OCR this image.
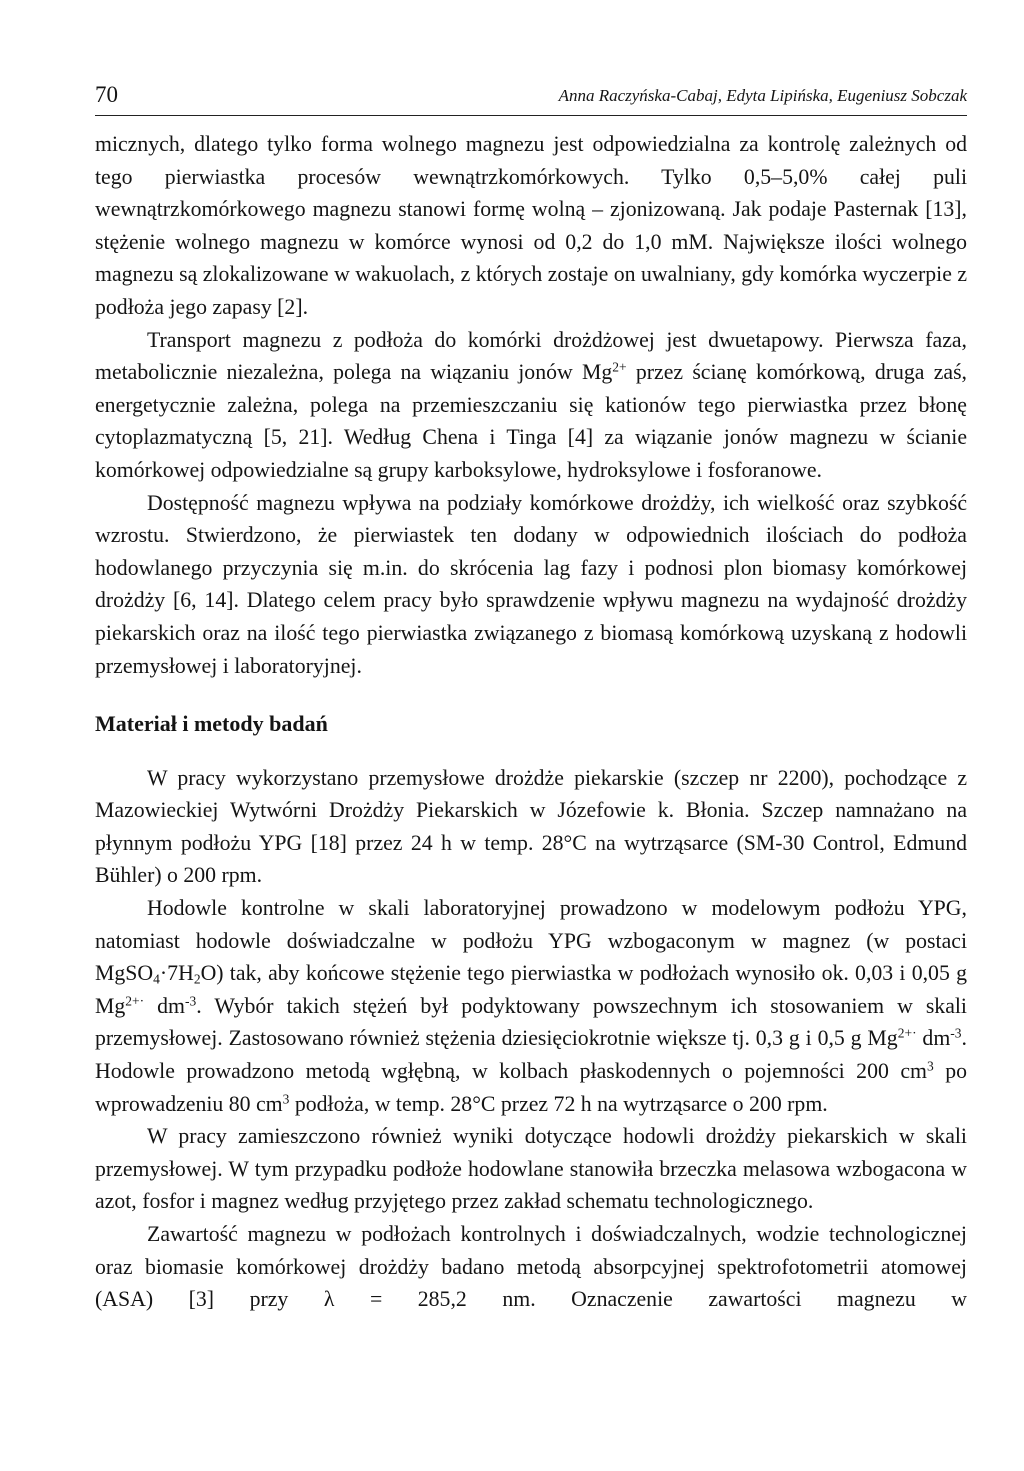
70	Anna Raczyńska-Cabaj, Edyta Lipińska, Eugeniusz Sobczak

micznych, dlatego tylko forma wolnego magnezu jest odpowiedzialna za kontrolę zależnych od tego pierwiastka procesów wewnątrzkomórkowych. Tylko 0,5–5,0% całej puli wewnątrzkomórkowego magnezu stanowi formę wolną – zjonizowaną. Jak podaje Pasternak [13], stężenie wolnego magnezu w komórce wynosi od 0,2 do 1,0 mM. Największe ilości wolnego magnezu są zlokalizowane w wakuolach, z których zostaje on uwalniany, gdy komórka wyczerpie z podłoża jego zapasy [2].

Transport magnezu z podłoża do komórki drożdżowej jest dwuetapowy. Pierwsza faza, metabolicznie niezależna, polega na wiązaniu jonów $Mg^{2+}$ przez ścianę komórkową, druga zaś, energetycznie zależna, polega na przemieszczaniu się kationów tego pierwiastka przez błonę cytoplazmatyczną [5, 21]. Według Chena i Tinga [4] za wiązanie jonów magnezu w ścianie komórkowej odpowiedzialne są grupy karboksylowe, hydroksylowe i fosforanowe.

Dostępność magnezu wpływa na podziały komórkowe drożdży, ich wielkość oraz szybkość wzrostu. Stwierdzono, że pierwiastek ten dodany w odpowiednich ilościach do podłoża hodowlanego przyczynia się m.in. do skrócenia lag fazy i podnosi plon biomasy komórkowej drożdży [6, 14]. Dlatego celem pracy było sprawdzenie wpływu magnezu na wydajność drożdży piekarskich oraz na ilość tego pierwiastka związanego z biomasą komórkową uzyskaną z hodowli przemysłowej i laboratoryjnej.

Materiał i metody badań

W pracy wykorzystano przemysłowe drożdże piekarskie (szczep nr 2200), pochodzące z Mazowieckiej Wytwórni Drożdży Piekarskich w Józefowie k. Błonia. Szczep namnażano na płynnym podłożu YPG [18] przez 24 h w temp. 28°C na wytrząsarce (SM-30 Control, Edmund Bühler) o 200 rpm.

Hodowle kontrolne w skali laboratoryjnej prowadzono w modelowym podłożu YPG, natomiast hodowle doświadczalne w podłożu YPG wzbogaconym w magnez (w postaci $MgSO_4\cdot 7H_2O$) tak, aby końcowe stężenie tego pierwiastka w podłożach wynosiło ok. 0,03 i 0,05 g $Mg^{2+\cdot}$ $dm^{-3}$. Wybór takich stężeń był podyktowany powszechnym ich stosowaniem w skali przemysłowej. Zastosowano również stężenia dziesięciokrotnie większe tj. 0,3 g i 0,5 g $Mg^{2+\cdot}$ $dm^{-3}$. Hodowle prowadzono metodą wgłębną, w kolbach płaskodennych o pojemności 200 $cm^3$ po wprowadzeniu 80 $cm^3$ podłoża, w temp. 28°C przez 72 h na wytrząsarce o 200 rpm.

W pracy zamieszczono również wyniki dotyczące hodowli drożdży piekarskich w skali przemysłowej. W tym przypadku podłoże hodowlane stanowiła brzeczka melasowa wzbogacona w azot, fosfor i magnez według przyjętego przez zakład schematu technologicznego.

Zawartość magnezu w podłożach kontrolnych i doświadczalnych, wodzie technologicznej oraz biomasie komórkowej drożdży badano metodą absorpcyjnej spektrofotometrii atomowej (ASA) [3] przy λ = 285,2 nm. Oznaczenie zawartości magnezu w
